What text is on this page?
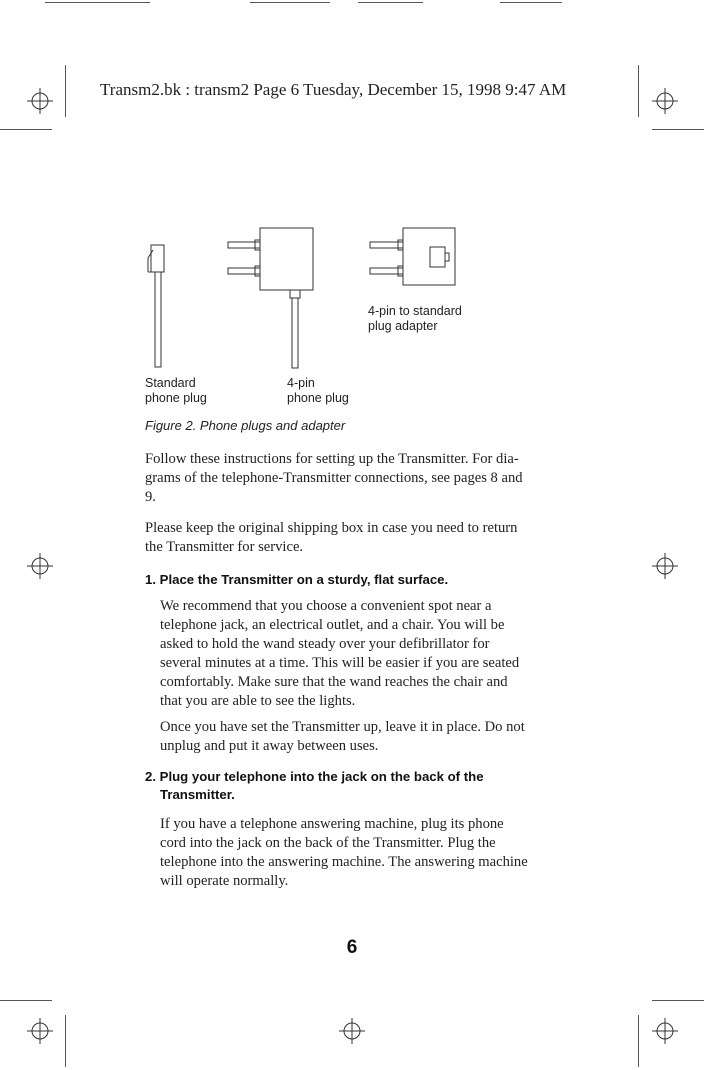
Transm2.bk : transm2 Page 6 Tuesday, December 15, 1998 9:47 AM
4-pin to standard
plug adapter
Standard
phone plug
4-pin
phone plug
Figure 2. Phone plugs and adapter
Follow these instructions for setting up the Transmitter. For dia-
grams of the telephone-Transmitter connections, see pages 8 and
9.
Please keep the original shipping box in case you need to return
the Transmitter for service.
1. Place the Transmitter on a sturdy, flat surface.
We recommend that you choose a convenient spot near a
telephone jack, an electrical outlet, and a chair. You will be
asked to hold the wand steady over your defibrillator for
several minutes at a time. This will be easier if you are seated
comfortably. Make sure that the wand reaches the chair and
that you are able to see the lights.
Once you have set the Transmitter up, leave it in place. Do not
unplug and put it away between uses.
2. Plug your telephone into the jack on the back of the
Transmitter.
If you have a telephone answering machine, plug its phone
cord into the jack on the back of the Transmitter. Plug the
telephone into the answering machine. The answering machine
will operate normally.
6
